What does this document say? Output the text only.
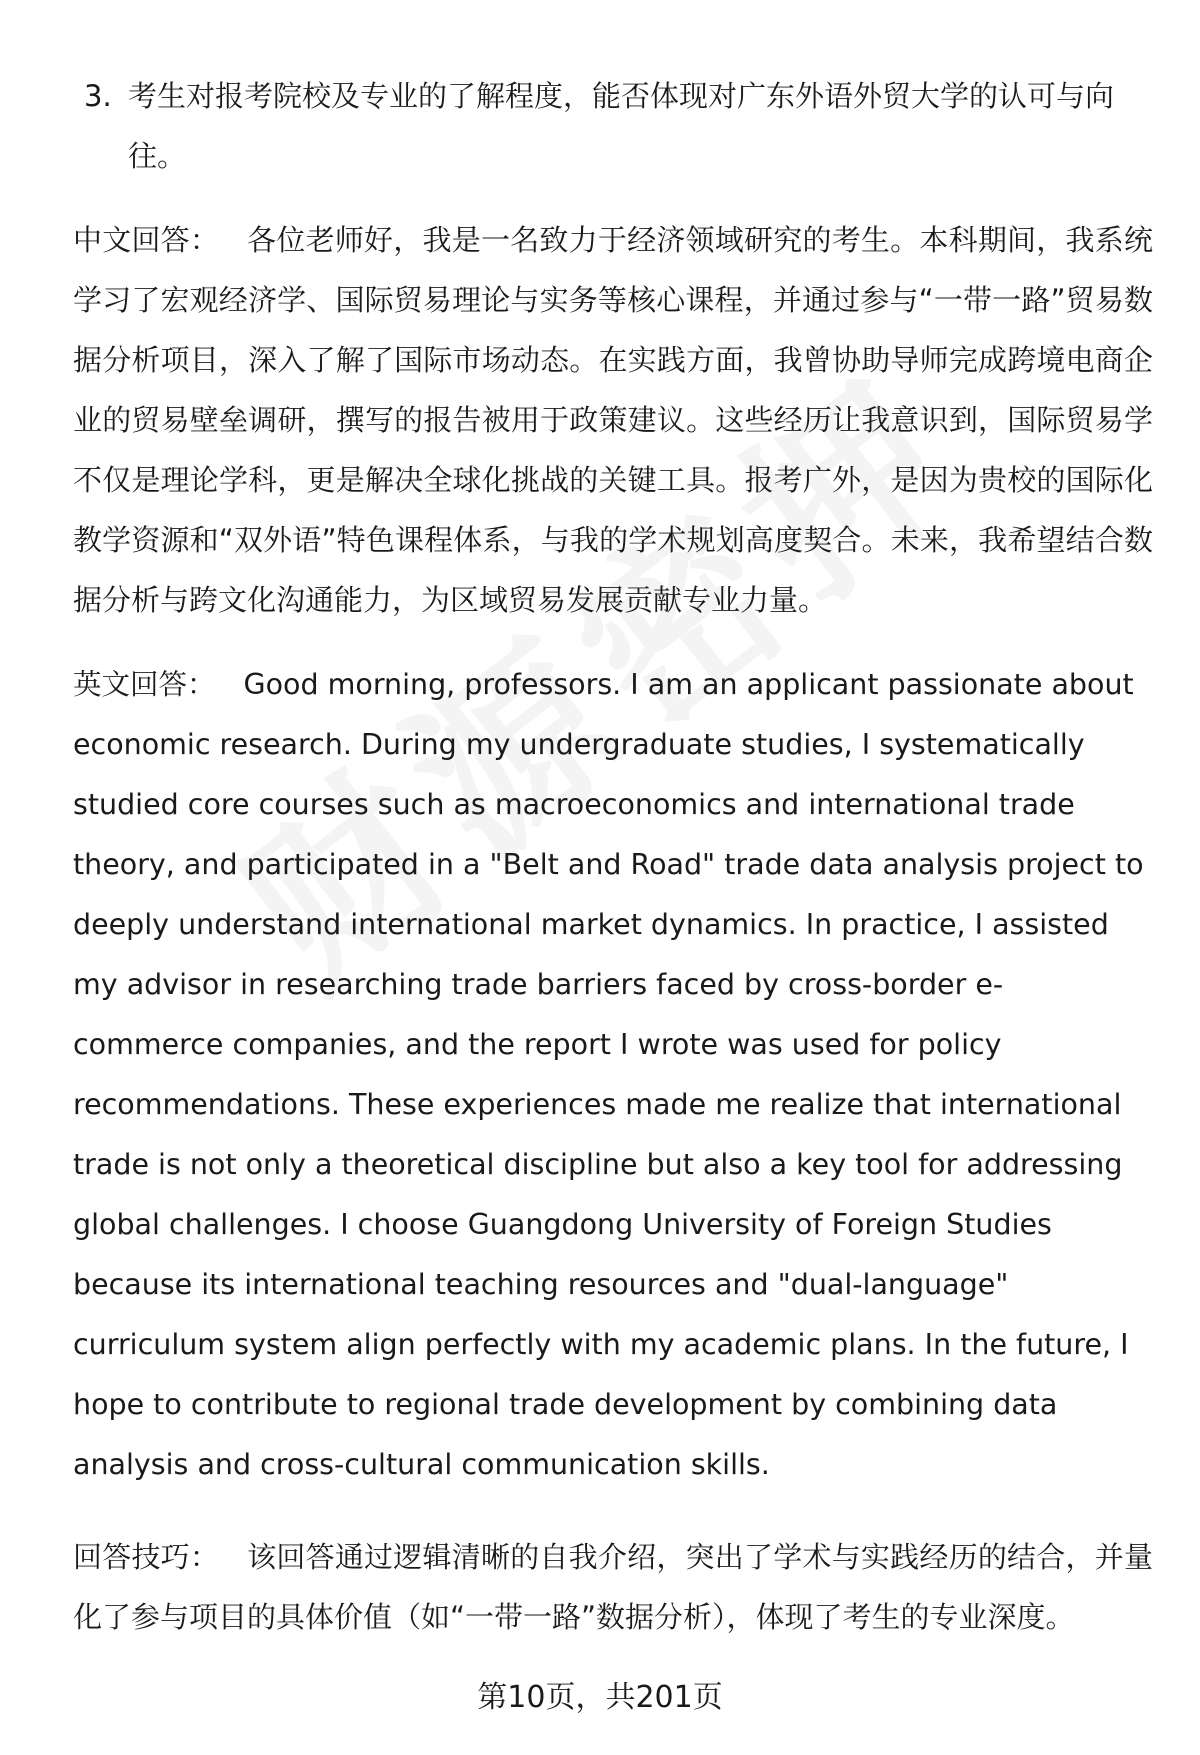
3. 考生对报考院校及专业的了解程度，能否体现对广东外语外贸大学的认可与向往。
中文回答： 各位老师好，我是一名致力于经济领域研究的考生。本科期间，我系统学习了宏观经济学、国际贸易理论与实务等核心课程，并通过参与“一带一路”贸易数据分析项目，深入了解了国际市场动态。在实践方面，我曾协助导师完成跨境电商企业的贸易壁垒调研，撰写的报告被用于政策建议。这些经历让我意识到，国际贸易学不仅是理论学科，更是解决全球化挑战的关键工具。报考广外，是因为贵校的国际化教学资源和“双外语”特色课程体系，与我的学术规划高度契合。未来，我希望结合数据分析与跨文化沟通能力，为区域贸易发展贡献专业力量。
英文回答： Good morning, professors. I am an applicant passionate about economic research. During my undergraduate studies, I systematically studied core courses such as macroeconomics and international trade theory, and participated in a "Belt and Road" trade data analysis project to deeply understand international market dynamics. In practice, I assisted my advisor in researching trade barriers faced by cross-border e-commerce companies, and the report I wrote was used for policy recommendations. These experiences made me realize that international trade is not only a theoretical discipline but also a key tool for addressing global challenges. I choose Guangdong University of Foreign Studies because its international teaching resources and "dual-language" curriculum system align perfectly with my academic plans. In the future, I hope to contribute to regional trade development by combining data analysis and cross-cultural communication skills.
回答技巧： 该回答通过逻辑清晰的自我介绍，突出了学术与实践经历的结合，并量化了参与项目的具体价值（如“一带一路”数据分析），体现了考生的专业深度。
第10页，共201页
